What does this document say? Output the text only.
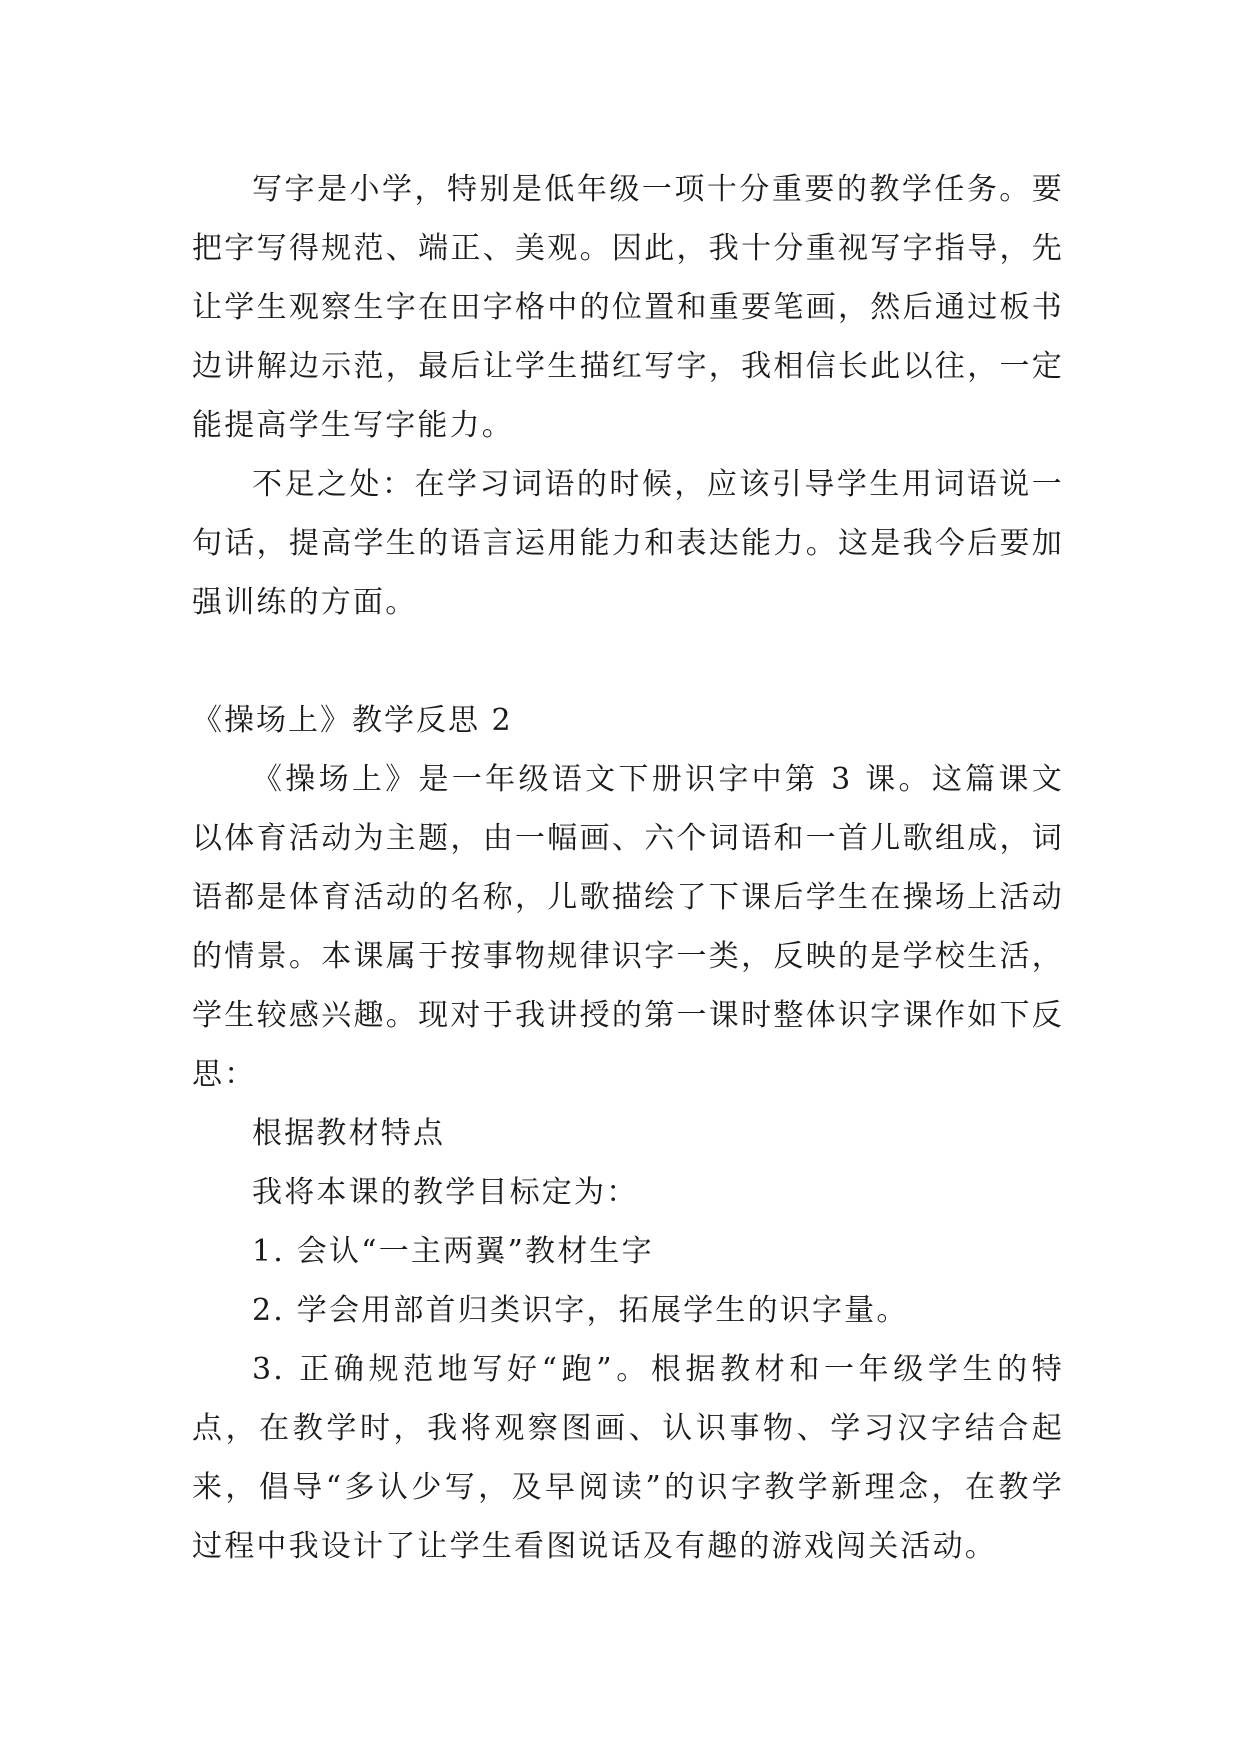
写字是小学，特别是低年级一项十分重要的教学任务。要把字写得规范、端正、美观。因此，我十分重视写字指导，先让学生观察生字在田字格中的位置和重要笔画，然后通过板书边讲解边示范，最后让学生描红写字，我相信长此以往，一定能提高学生写字能力。

不足之处：在学习词语的时候，应该引导学生用词语说一句话，提高学生的语言运用能力和表达能力。这是我今后要加强训练的方面。

《操场上》教学反思 2

《操场上》是一年级语文下册识字中第 3 课。这篇课文以体育活动为主题，由一幅画、六个词语和一首儿歌组成，词语都是体育活动的名称，儿歌描绘了下课后学生在操场上活动的情景。本课属于按事物规律识字一类，反映的是学校生活，学生较感兴趣。现对于我讲授的第一课时整体识字课作如下反思：

根据教材特点

我将本课的教学目标定为：

1. 会认“一主两翼”教材生字

2. 学会用部首归类识字，拓展学生的识字量。

3. 正确规范地写好“跑”。根据教材和一年级学生的特点，在教学时，我将观察图画、认识事物、学习汉字结合起来，倡导“多认少写，及早阅读”的识字教学新理念，在教学过程中我设计了让学生看图说话及有趣的游戏闯关活动。
